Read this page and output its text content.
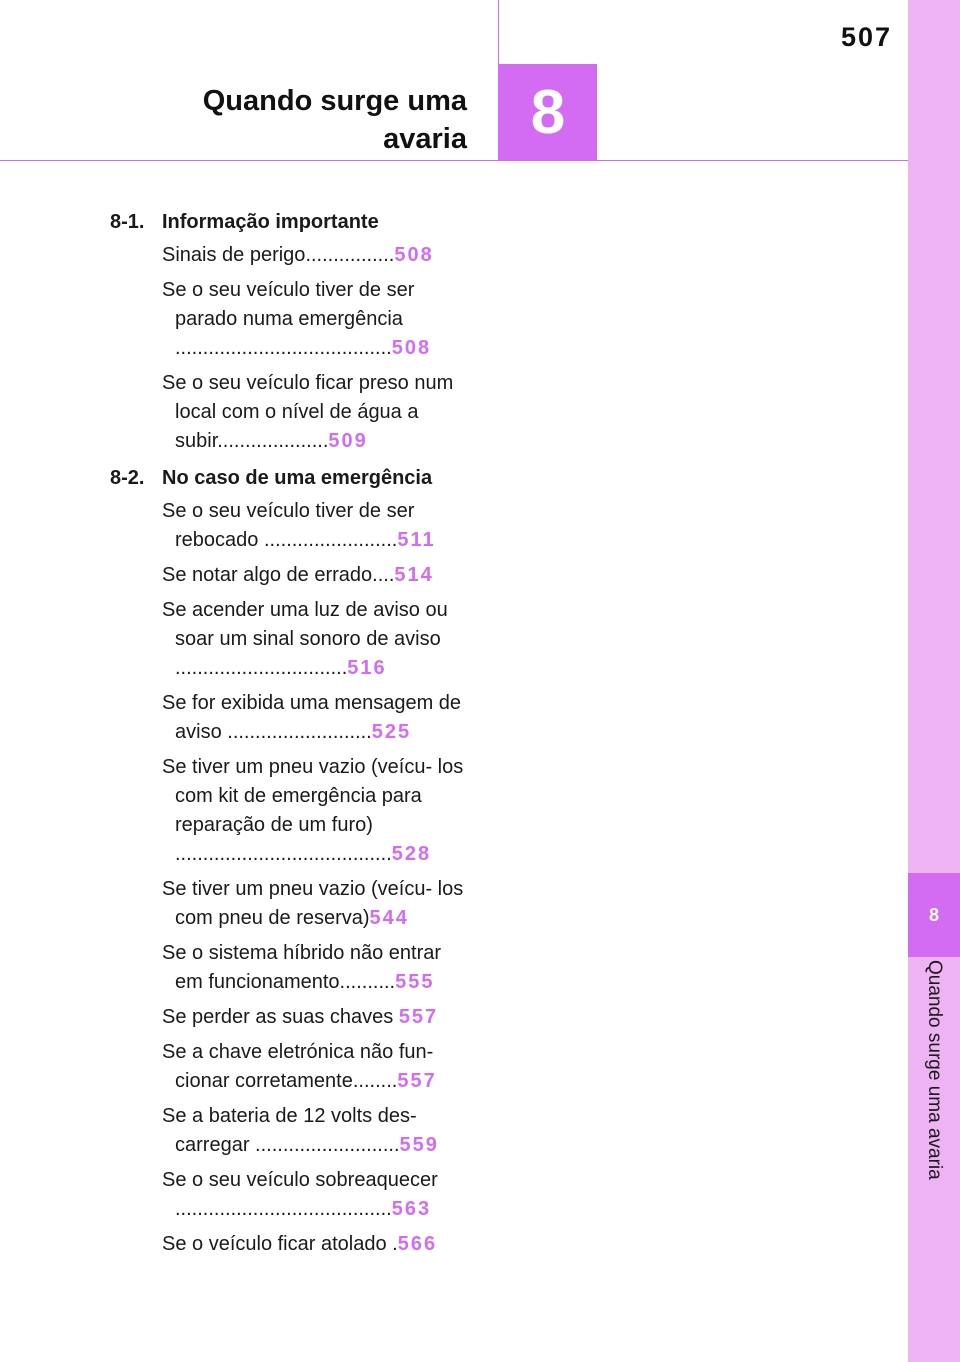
8
Quando surge uma avaria
507
8
Quando surge uma
avaria
8-1. Informação importante
Sinais de perigo................508
Se o seu veículo tiver de ser parado numa emergência .......................................508
Se o seu veículo ficar preso num local com o nível de água a subir....................509
8-2. No caso de uma emergência
Se o seu veículo tiver de ser rebocado ........................511
Se notar algo de errado....514
Se acender uma luz de aviso ou soar um sinal sonoro de aviso ...............................516
Se for exibida uma mensagem de aviso ..........................525
Se tiver um pneu vazio (veícu- los com kit de emergência para reparação de um furo) .......................................528
Se tiver um pneu vazio (veícu- los com pneu de reserva)544
Se o sistema híbrido não entrar em funcionamento..........555
Se perder as suas chaves 557
Se a chave eletrónica não fun- cionar corretamente........557
Se a bateria de 12 volts des- carregar ..........................559
Se o seu veículo sobreaquecer .......................................563
Se o veículo ficar atolado .566
